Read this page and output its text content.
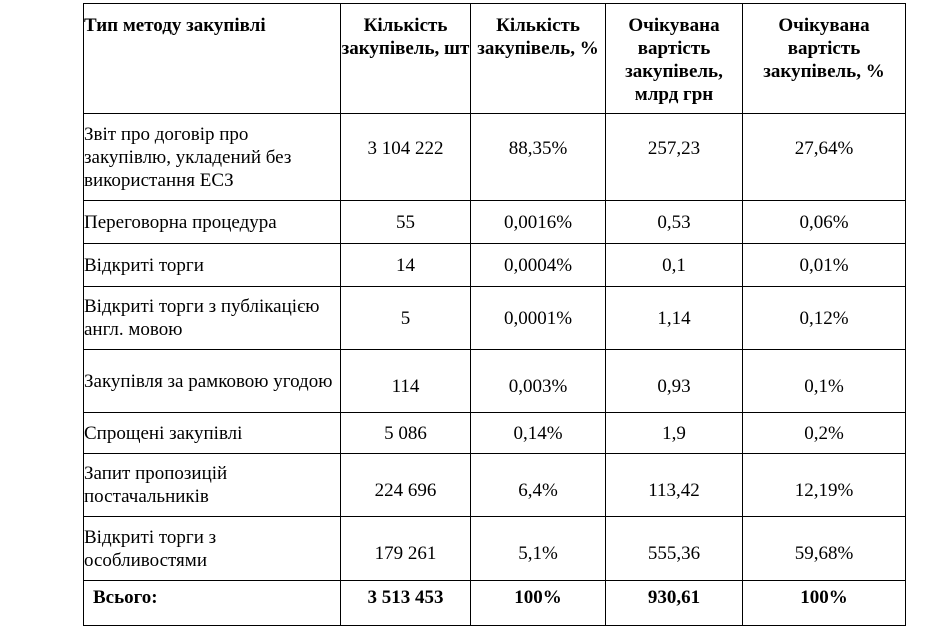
Тип методу закупівлі	Кількість закупівель, шт	Кількість закупівель, %	Очікувана вартість закупівель, млрд грн	Очікувана вартість закупівель, %
Звіт про договір про закупівлю, укладений без використання ЕСЗ	3 104 222	88,35%	257,23	27,64%
Переговорна процедура	55	0,0016%	0,53	0,06%
Відкриті торги	14	0,0004%	0,1	0,01%
Відкриті торги з публікацією англ. мовою	5	0,0001%	1,14	0,12%
Закупівля за рамковою угодою	114	0,003%	0,93	0,1%
Спрощені закупівлі	5 086	0,14%	1,9	0,2%
Запит пропозицій постачальників	224 696	6,4%	113,42	12,19%
Відкриті торги з особливостями	179 261	5,1%	555,36	59,68%
Всього:	3 513 453	100%	930,61	100%
